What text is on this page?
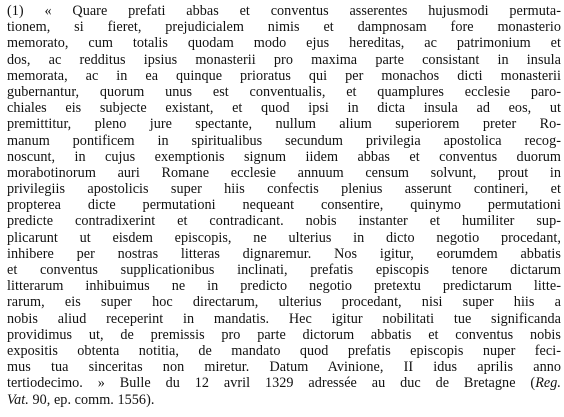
(1) « Quare prefati abbas et conventus asserentes hujusmodi permuta-
tionem, si fieret, prejudicialem nimis et dampnosam fore monasterio
memorato, cum totalis quodam modo ejus hereditas, ac patrimonium et
dos, ac redditus ipsius monasterii pro maxima parte consistant in insula
memorata, ac in ea quinque prioratus qui per monachos dicti monasterii
gubernantur, quorum unus est conventualis, et quamplures ecclesie paro-
chiales eis subjecte existant, et quod ipsi in dicta insula ad eos, ut
premittitur, pleno jure spectante, nullum alium superiorem preter Ro-
manum pontificem in spiritualibus secundum privilegia apostolica recog-
noscunt, in cujus exemptionis signum iidem abbas et conventus duorum
morabotinorum auri Romane ecclesie annuum censum solvunt, prout in
privilegiis apostolicis super hiis confectis plenius asserunt contineri, et
propterea dicte permutationi nequeant consentire, quinymo permutationi
predicte contradixerint et contradicant. nobis instanter et humiliter sup-
plicarunt ut eisdem episcopis, ne ulterius in dicto negotio procedant,
inhibere per nostras litteras dignaremur. Nos igitur, eorumdem abbatis
et conventus supplicationibus inclinati, prefatis episcopis tenore dictarum
litterarum inhibuimus ne in predicto negotio pretextu predictarum litte-
rarum, eis super hoc directarum, ulterius procedant, nisi super hiis a
nobis aliud receperint in mandatis. Hec igitur nobilitati tue significanda
providimus ut, de premissis pro parte dictorum abbatis et conventus nobis
expositis obtenta notitia, de mandato quod prefatis episcopis nuper feci-
mus tua sinceritas non miretur. Datum Avinione, II idus aprilis anno
tertiodecimo. » Bulle du 12 avril 1329 adressée au duc de Bretagne (Reg.
Vat. 90, ep. comm. 1556).
